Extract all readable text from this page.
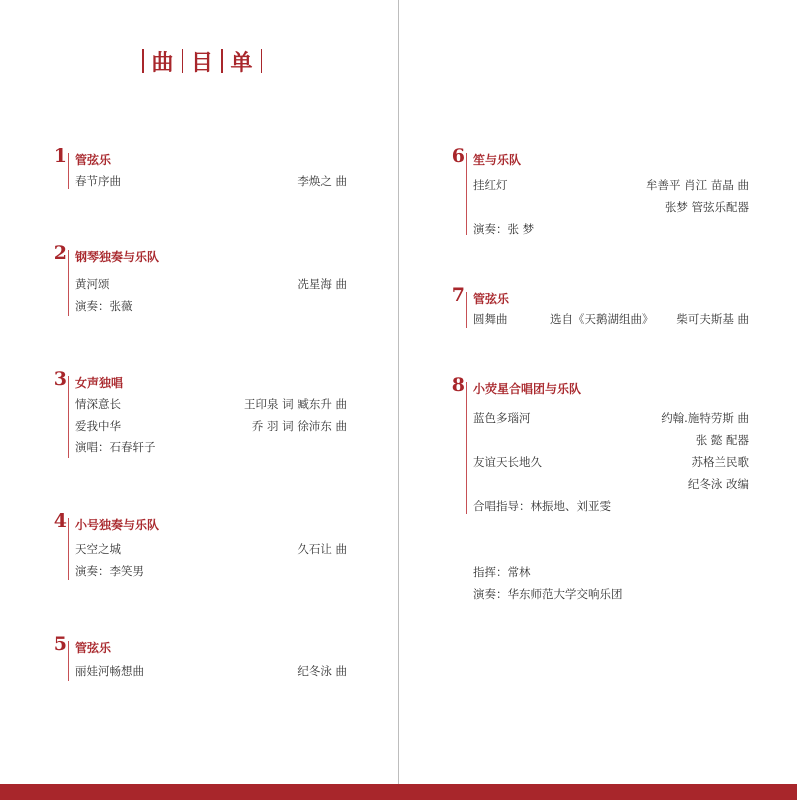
曲 目 单
1 管弦乐
春节序曲	李焕之 曲
2 钢琴独奏与乐队
黄河颂	冼星海 曲
演奏：张薇
3 女声独唱
情深意长	王印泉 词 臧东升 曲
爱我中华	乔 羽 词 徐沛东 曲
演唱：石春轩子
4 小号独奏与乐队
天空之城	久石让 曲
演奏：李笑男
5 管弦乐
丽娃河畅想曲	纪冬泳 曲
6 笙与乐队
挂红灯	牟善平 肖江 苗晶 曲
张梦 管弦乐配器
演奏：张 梦
7 管弦乐
圆舞曲	选自《天鹅湖组曲》 柴可夫斯基 曲
8 小荧星合唱团与乐队
蓝色多瑙河	约翰.施特劳斯 曲
张 懿 配器
友谊天长地久	苏格兰民歌
纪冬泳 改编
合唱指导：林振地、刘亚雯
指挥：常林
演奏：华东师范大学交响乐团
